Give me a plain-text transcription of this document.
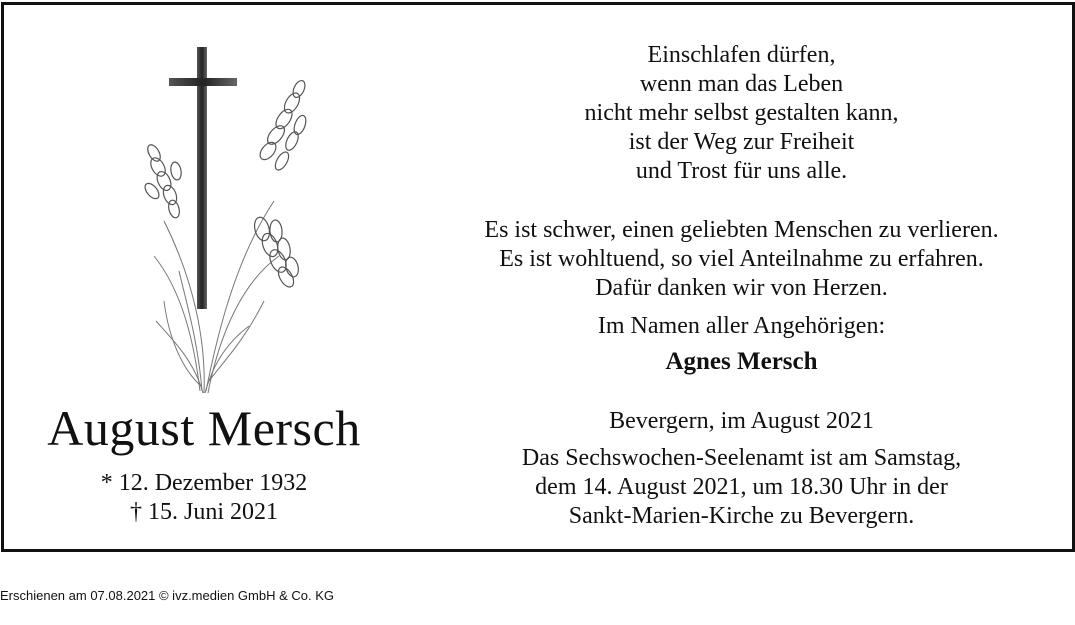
August Mersch
* 12. Dezember 1932
† 15. Juni 2021
Einschlafen dürfen,
wenn man das Leben
nicht mehr selbst gestalten kann,
ist der Weg zur Freiheit
und Trost für uns alle.
Es ist schwer, einen geliebten Menschen zu verlieren.
Es ist wohltuend, so viel Anteilnahme zu erfahren.
Dafür danken wir von Herzen.
Im Namen aller Angehörigen:
Agnes Mersch
Bevergern, im August 2021
Das Sechswochen-Seelenamt ist am Samstag,
dem 14. August 2021, um 18.30 Uhr in der
Sankt-Marien-Kirche zu Bevergern.
Erschienen am 07.08.2021 © ivz.medien GmbH & Co. KG
